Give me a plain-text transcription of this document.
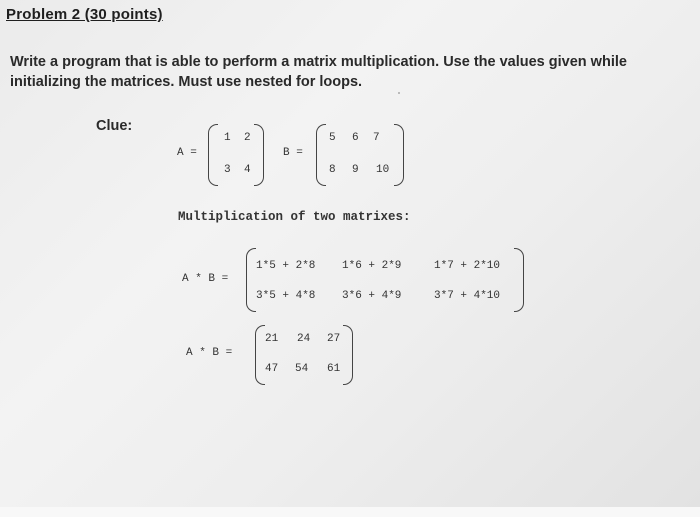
Problem 2 (30 points)
Write a program that is able to perform a matrix multiplication. Use the values given while
initializing the matrices. Must use nested for loops.
Clue:
A =
1 2
3 4
B =
5 6 7
8 9 10
Multiplication of two matrixes:
A * B =
1*5 + 2*8 1*6 + 2*9	1*7 + 2*10
3*5 + 4*8 3*6 + 4*9	3*7 + 4*10
A * B =
21 24 27
47 54 61
